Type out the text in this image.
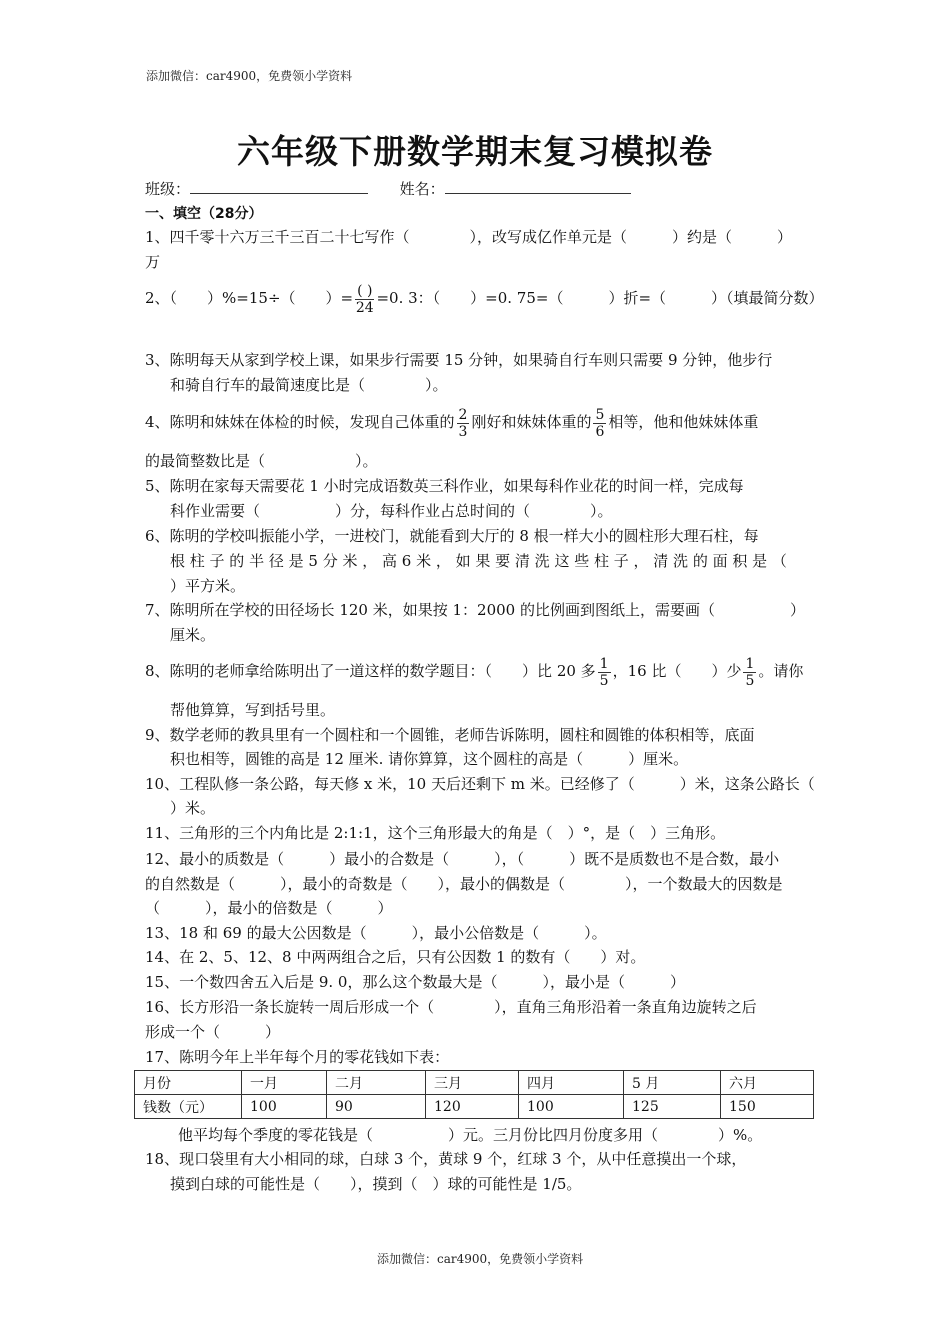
添加微信：car4900，免费领小学资料
六年级下册数学期末复习模拟卷
班级：	姓名：
一、填空（28分）
1、四千零十六万三千三百二十七写作（　　　　），改写成亿作单元是（　　　）约是（　　　）
万
2、（　　）%=15÷（　　）= $\frac{( )}{24} =0$. 3：（　　）=0. 75=（　　　）折=（　　　）（填最简分数）
3、陈明每天从家到学校上课，如果步行需要 15 分钟，如果骑自行车则只需要 9 分钟，他步行
和骑自行车的最简速度比是（　　　　）。
4、陈明和妹妹在体检的时候，发现自己体重的 $\frac{2}{3}$ 刚好和妹妹体重的 $\frac{5}{6}$ 相等，他和他妹妹体重
的最简整数比是（　　　　　　）。
5、陈明在家每天需要花 1 小时完成语数英三科作业，如果每科作业花的时间一样，完成每
科作业需要（　　　　　）分，每科作业占总时间的（　　　　）。
6、陈明的学校叫振能小学，一进校门，就能看到大厅的 8 根一样大小的圆柱形大理石柱，每
根 柱 子 的 半 径 是 5 分 米 ， 高 6 米 ， 如 果 要 清 洗 这 些 柱 子 ， 清 洗 的 面 积 是 （
）平方米。
7、陈明所在学校的田径场长 120 米，如果按 1：2000 的比例画到图纸上，需要画（　　　　　）
厘米。
8、陈明的老师拿给陈明出了一道这样的数学题目：（　　）比 20 多 $\frac{1}{5}$ ，16 比（　　）少 $\frac{1}{5}$ 。请你
帮他算算，写到括号里。
9、数学老师的教具里有一个圆柱和一个圆锥，老师告诉陈明，圆柱和圆锥的体积相等，底面
积也相等，圆锥的高是 12 厘米. 请你算算，这个圆柱的高是（　　　）厘米。
10、工程队修一条公路，每天修 x 米，10 天后还剩下 m 米。已经修了（　　　）米，这条公路长（
）米。
11、三角形的三个内角比是 2:1:1，这个三角形最大的角是（　）°，是（　）三角形。
12、最小的质数是（　　　）最小的合数是（　　　），（　　　）既不是质数也不是合数，最小
的自然数是（　　　），最小的奇数是（　　），最小的偶数是（　　　　），一个数最大的因数是
（　　　），最小的倍数是（　　　）
13、18 和 69 的最大公因数是（　　　），最小公倍数是（　　　）。
14、在 2、5、12、8 中两两组合之后，只有公因数 1 的数有（　　）对。
15、一个数四舍五入后是 9. 0，那么这个数最大是（　　　），最小是（　　　）
16、长方形沿一条长旋转一周后形成一个（　　　　），直角三角形沿着一条直角边旋转之后
形成一个（　　　）
17、陈明今年上半年每个月的零花钱如下表：
月份	一月	二月	三月	四月	5 月	六月
钱数（元）	100	90	120	100	125	150
他平均每个季度的零花钱是（　　　　　）元。三月份比四月份度多用（　　　　）%。
18、现口袋里有大小相同的球，白球 3 个，黄球 9 个，红球 3 个，从中任意摸出一个球，
摸到白球的可能性是（　　），摸到（　）球的可能性是 1/5。
添加微信：car4900，免费领小学资料
